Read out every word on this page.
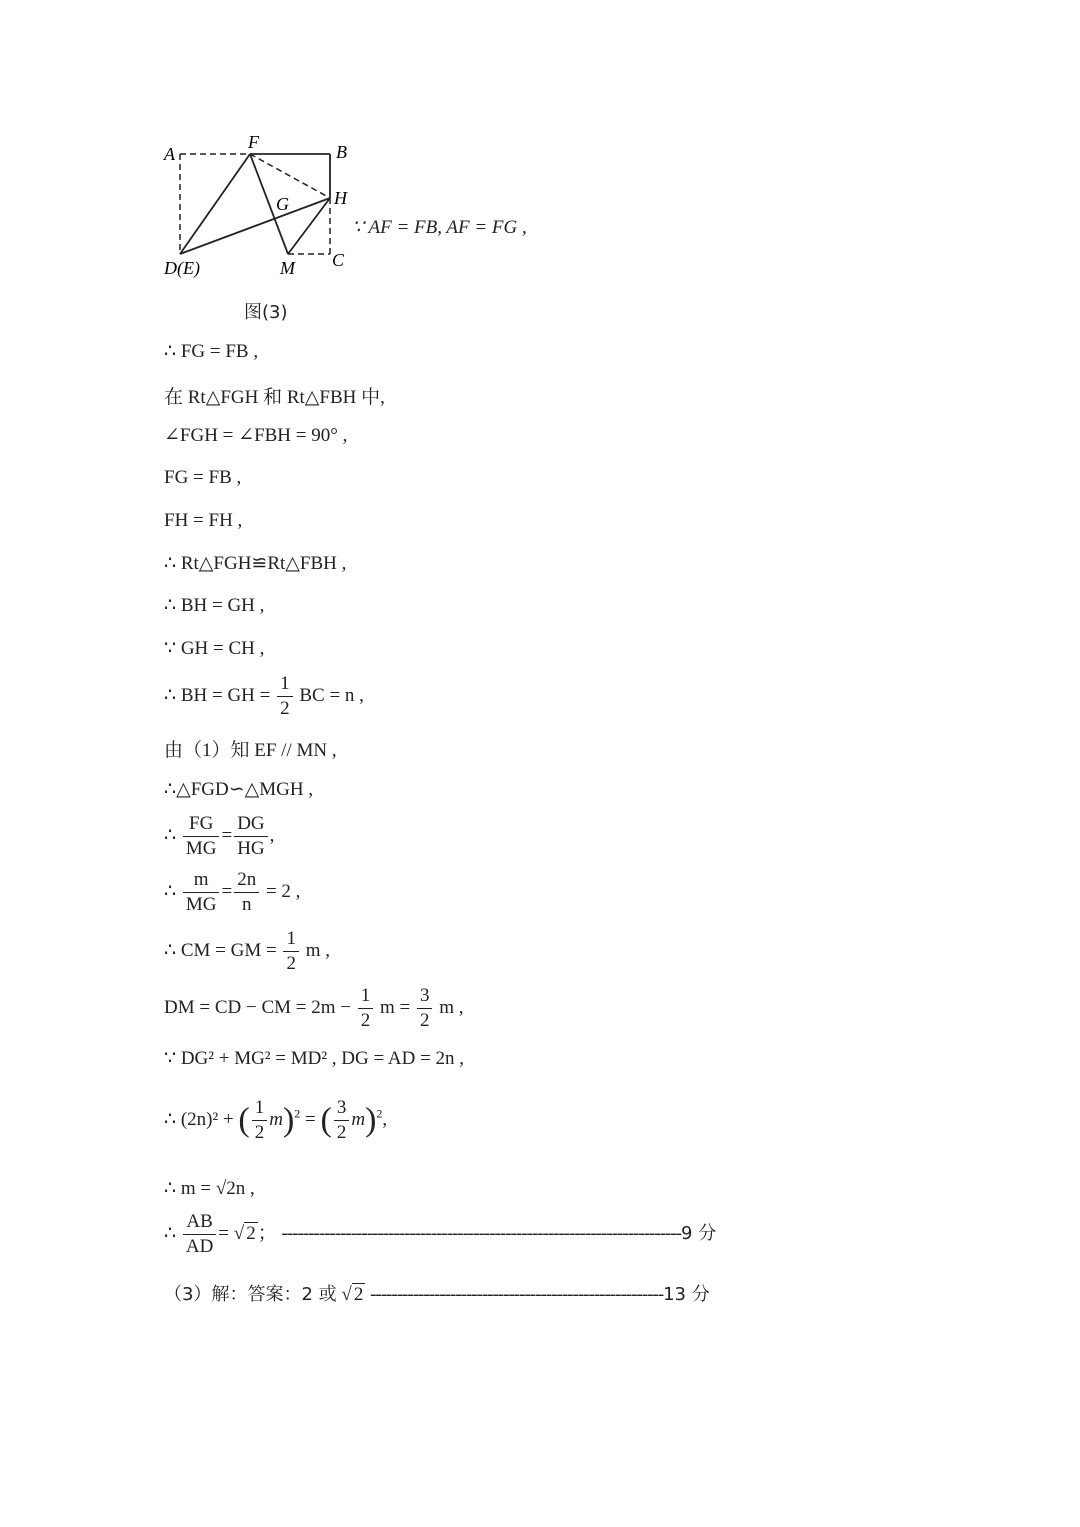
A
F	B
H
G
D(E)	M C
∵ AF = FB, AF = FG ,
图(3)
∴ FG = FB ,
在 Rt△FGH 和 Rt△FBH 中,
∠FGH = ∠FBH = 90° ,
FG = FB ,
FH = FH ,
∴ Rt△FGH≌Rt△FBH ,
∴ BH = GH ,
∵ GH = CH ,
∴ BH = GH = $\frac{1}{2}$ BC = n ,
由（1）知 EF // MN ,
∴△FGD∽△MGH ,
∴ $\frac{FG}{MG} = \frac{DG}{HG}$ ,
∴ $\frac{m}{MG} = \frac{2n}{n} = 2$ ,
∴ CM = GM = $\frac{1}{2}$ m ,
DM = CD − CM = $2m - \frac{1}{2}$ $m = \frac{3}{2}$ m ,
∵ DG² + MG² = MD² , DG = AD = 2n ,
∴ (2n)² + ( $\frac{1}{2} m)^2$ = ( $\frac{3}{2} m)^2$,
∴ m = √2n ,
∴ $\frac{AB}{AD}$ = √ 2 ； ---------------------------------------------------------------------------9 分
（3）解：答案：2 或 √ 2 -------------------------------------------------------13 分
